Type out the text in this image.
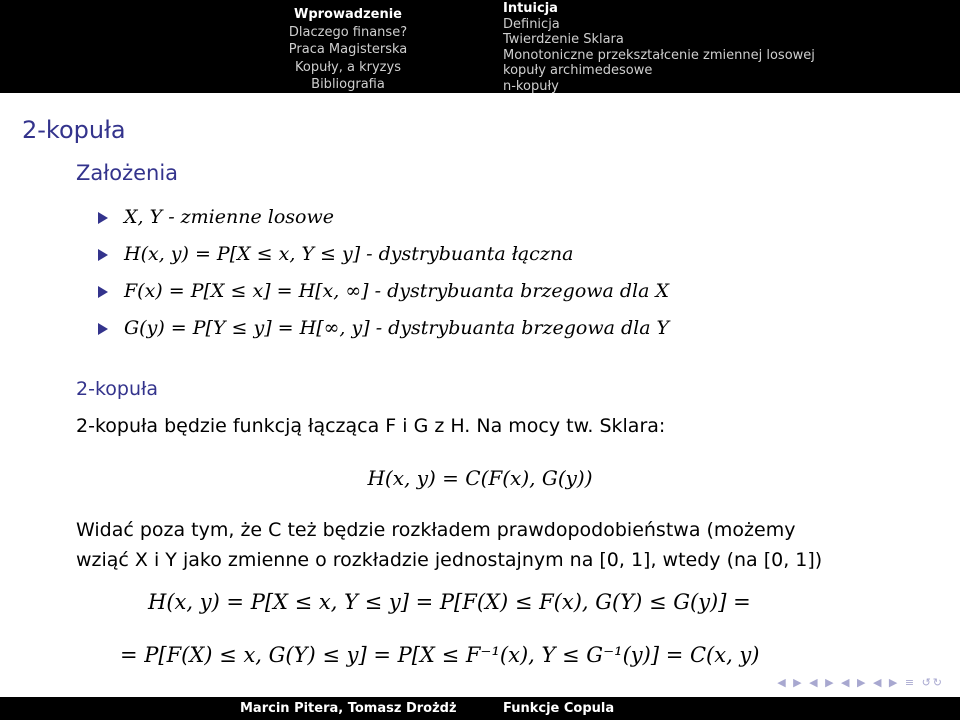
Wprowadzenie
Dlaczego finanse?
Praca Magisterska
Kopuły, a kryzys
Bibliografia
Intuicja
Definicja
Twierdzenie Sklara
Monotoniczne przekształcenie zmiennej losowej
kopuły archimedesowe
n-kopuły
2-kopuła
Założenia
X, Y - zmienne losowe
H(x, y) = P[X ≤ x, Y ≤ y] - dystrybuanta łączna
F(x) = P[X ≤ x] = H[x, ∞] - dystrybuanta brzegowa dla X
G(y) = P[Y ≤ y] = H[∞, y] - dystrybuanta brzegowa dla Y
2-kopuła
2-kopuła będzie funkcją łącząca F i G z H. Na mocy tw. Sklara:
H(x, y) = C(F(x), G(y))

Widać poza tym, że C też będzie rozkładem prawdopodobieństwa (możemy

wziąć X i Y jako zmienne o rozkładzie jednostajnym na [0, 1], wtedy (na [0, 1])

H(x, y) = P[X ≤ x, Y ≤ y] = P[F(X) ≤ F(x), G(Y) ≤ G(y)] =
= P[F(X) ≤ x, G(Y) ≤ y] = P[X ≤ F⁻¹(x), Y ≤ G⁻¹(y)] = C(x, y)
◀ ▶ ◀ ▶ ◀ ▶ ◀ ▶ ≡ ↺↻
Marcin Pitera, Tomasz Drożdż	Funkcje Copula
